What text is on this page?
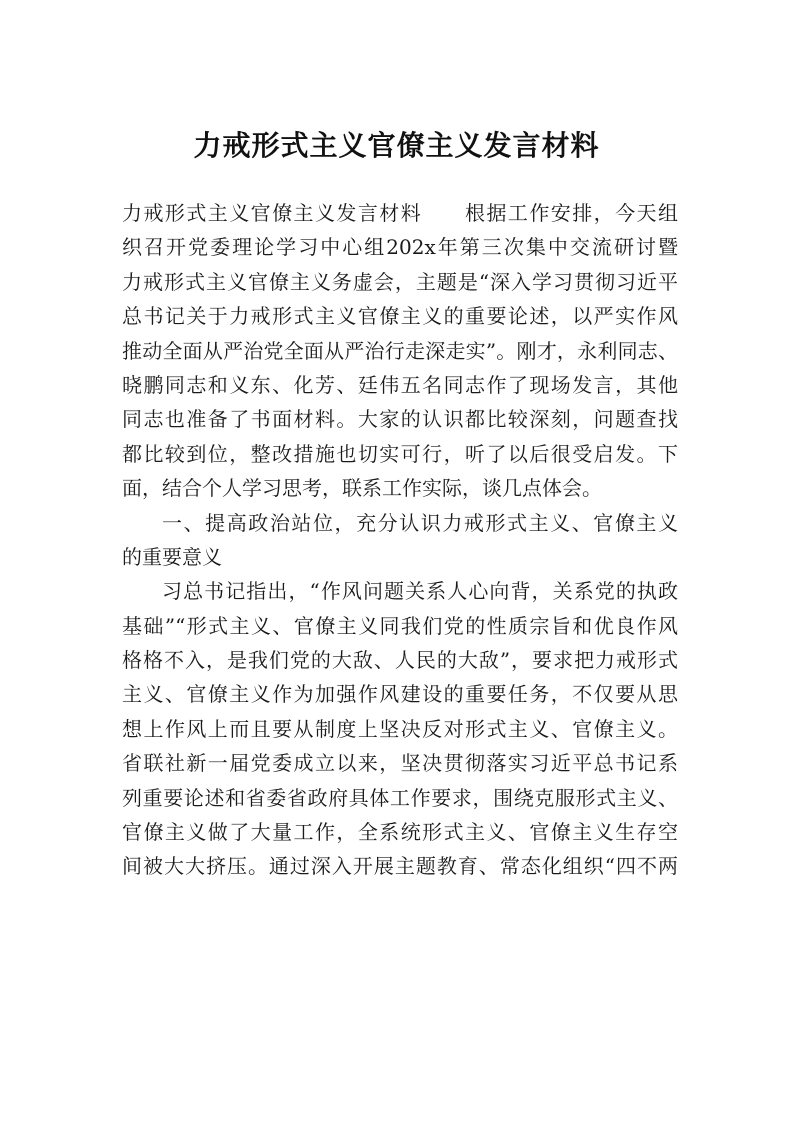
力戒形式主义官僚主义发言材料
力戒形式主义官僚主义发言材料　　根据工作安排，今天组
织召开党委理论学习中心组202x年第三次集中交流研讨暨
力戒形式主义官僚主义务虚会，主题是“深入学习贯彻习近平
总书记关于力戒形式主义官僚主义的重要论述，以严实作风
推动全面从严治党全面从严治行走深走实”。刚才，永利同志、
晓鹏同志和义东、化芳、廷伟五名同志作了现场发言，其他
同志也准备了书面材料。大家的认识都比较深刻，问题查找
都比较到位，整改措施也切实可行，听了以后很受启发。下
面，结合个人学习思考，联系工作实际，谈几点体会。
一、提高政治站位，充分认识力戒形式主义、官僚主义
的重要意义
习总书记指出，“作风问题关系人心向背，关系党的执政
基础”“形式主义、官僚主义同我们党的性质宗旨和优良作风
格格不入，是我们党的大敌、人民的大敌”，要求把力戒形式
主义、官僚主义作为加强作风建设的重要任务，不仅要从思
想上作风上而且要从制度上坚决反对形式主义、官僚主义。
省联社新一届党委成立以来，坚决贯彻落实习近平总书记系
列重要论述和省委省政府具体工作要求，围绕克服形式主义、
官僚主义做了大量工作，全系统形式主义、官僚主义生存空
间被大大挤压。通过深入开展主题教育、常态化组织“四不两
